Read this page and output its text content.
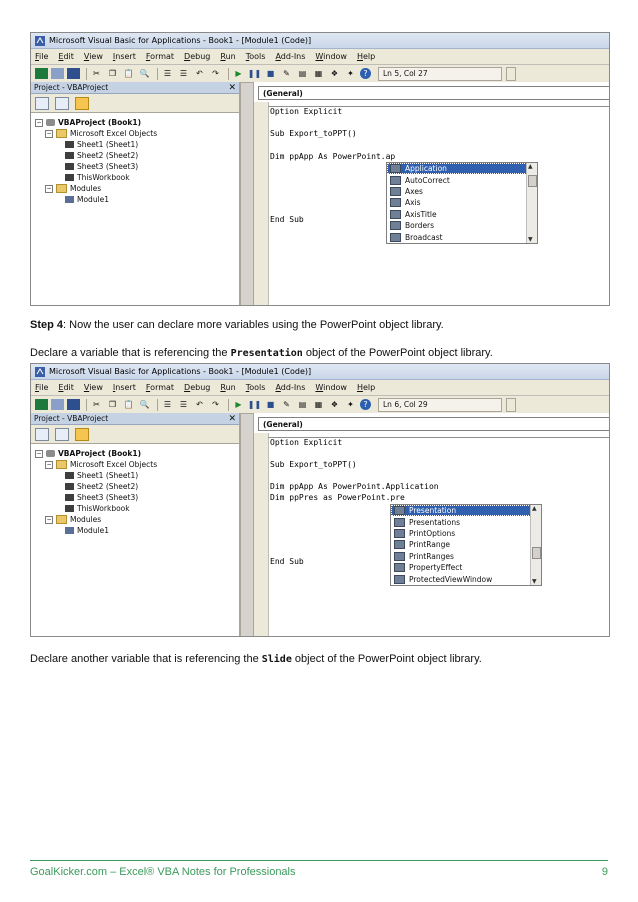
Microsoft Visual Basic for Applications - Book1 - [Module1 (Code)]
File Edit View Insert Format Debug Run Tools Add-Ins Window Help
✂	❐ 📋 🔍	☰	☰	↶	↷	▶ ❚❚ ■	✎	▤	▦	❖	✦	?	Ln 5, Col 27
Project - VBAProject	✕
− VBAProject (Book1)
− Microsoft Excel Objects
Sheet1 (Sheet1)
Sheet2 (Sheet2)
Sheet3 (Sheet3)
ThisWorkbook
− Modules
Module1
(General)
Option Explicit
Sub Export_toPPT()
Dim ppApp As PowerPoint.ap
End Sub
Application
AutoCorrect
Axes
Axis
AxisTitle
Borders
Broadcast
▲
▼
Step 4: Now the user can declare more variables using the PowerPoint object library.
Declare a variable that is referencing the Presentation object of the PowerPoint object library.
Microsoft Visual Basic for Applications - Book1 - [Module1 (Code)]
File Edit View Insert Format Debug Run Tools Add-Ins Window Help
✂	❐ 📋 🔍	☰	☰	↶	↷	▶ ❚❚ ■	✎	▤	▦	❖	✦	?	Ln 6, Col 29
Project - VBAProject	✕
− VBAProject (Book1)
− Microsoft Excel Objects
Sheet1 (Sheet1)
Sheet2 (Sheet2)
Sheet3 (Sheet3)
ThisWorkbook
− Modules
Module1
(General)
Option Explicit
Sub Export_toPPT()
Dim ppApp As PowerPoint.Application
Dim ppPres as PowerPoint.pre
End Sub
Presentation
Presentations
PrintOptions
PrintRange
PrintRanges
PropertyEffect
ProtectedViewWindow
▲
▼
Declare another variable that is referencing the Slide object of the PowerPoint object library.
GoalKicker.com – Excel® VBA Notes for Professionals	9
